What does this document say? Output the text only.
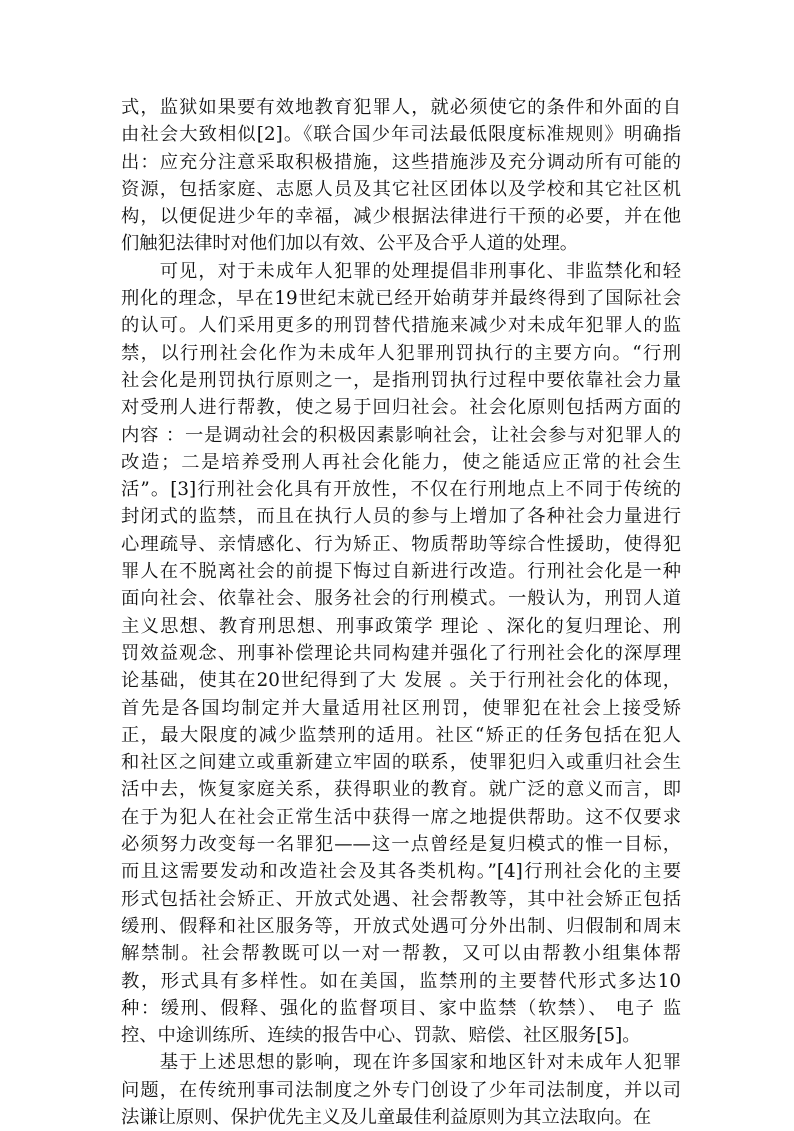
式，监狱如果要有效地教育犯罪人，就必须使它的条件和外面的自
由社会大致相似[2]。《联合国少年司法最低限度标准规则》明确指
出：应充分注意采取积极措施，这些措施涉及充分调动所有可能的
资源，包括家庭、志愿人员及其它社区团体以及学校和其它社区机
构，以便促进少年的幸福，减少根据法律进行干预的必要，并在他
们触犯法律时对他们加以有效、公平及合乎人道的处理。
　　可见，对于未成年人犯罪的处理提倡非刑事化、非监禁化和轻
刑化的理念，早在19世纪末就已经开始萌芽并最终得到了国际社会
的认可。人们采用更多的刑罚替代措施来减少对未成年犯罪人的监
禁，以行刑社会化作为未成年人犯罪刑罚执行的主要方向。“行刑
社会化是刑罚执行原则之一，是指刑罚执行过程中要依靠社会力量
对受刑人进行帮教，使之易于回归社会。社会化原则包括两方面的
内容 ：一是调动社会的积极因素影响社会，让社会参与对犯罪人的
改造；二是培养受刑人再社会化能力，使之能适应正常的社会生
活”。[3]行刑社会化具有开放性，不仅在行刑地点上不同于传统的
封闭式的监禁，而且在执行人员的参与上增加了各种社会力量进行
心理疏导、亲情感化、行为矫正、物质帮助等综合性援助，使得犯
罪人在不脱离社会的前提下悔过自新进行改造。行刑社会化是一种
面向社会、依靠社会、服务社会的行刑模式。一般认为，刑罚人道
主义思想、教育刑思想、刑事政策学 理论 、深化的复归理论、刑
罚效益观念、刑事补偿理论共同构建并强化了行刑社会化的深厚理
论基础，使其在20世纪得到了大 发展 。关于行刑社会化的体现，
首先是各国均制定并大量适用社区刑罚，使罪犯在社会上接受矫
正，最大限度的减少监禁刑的适用。社区“矫正的任务包括在犯人
和社区之间建立或重新建立牢固的联系，使罪犯归入或重归社会生
活中去，恢复家庭关系，获得职业的教育。就广泛的意义而言，即
在于为犯人在社会正常生活中获得一席之地提供帮助。这不仅要求
必须努力改变每一名罪犯——这一点曾经是复归模式的惟一目标，
而且这需要发动和改造社会及其各类机构。”[4]行刑社会化的主要
形式包括社会矫正、开放式处遇、社会帮教等，其中社会矫正包括
缓刑、假释和社区服务等，开放式处遇可分外出制、归假制和周末
解禁制。社会帮教既可以一对一帮教，又可以由帮教小组集体帮
教，形式具有多样性。如在美国，监禁刑的主要替代形式多达10
种：缓刑、假释、强化的监督项目、家中监禁（软禁）、 电子 监
控、中途训练所、连续的报告中心、罚款、赔偿、社区服务[5]。
　　基于上述思想的影响，现在许多国家和地区针对未成年人犯罪
问题，在传统刑事司法制度之外专门创设了少年司法制度，并以司
法谦让原则、保护优先主义及儿童最佳利益原则为其立法取向。在
